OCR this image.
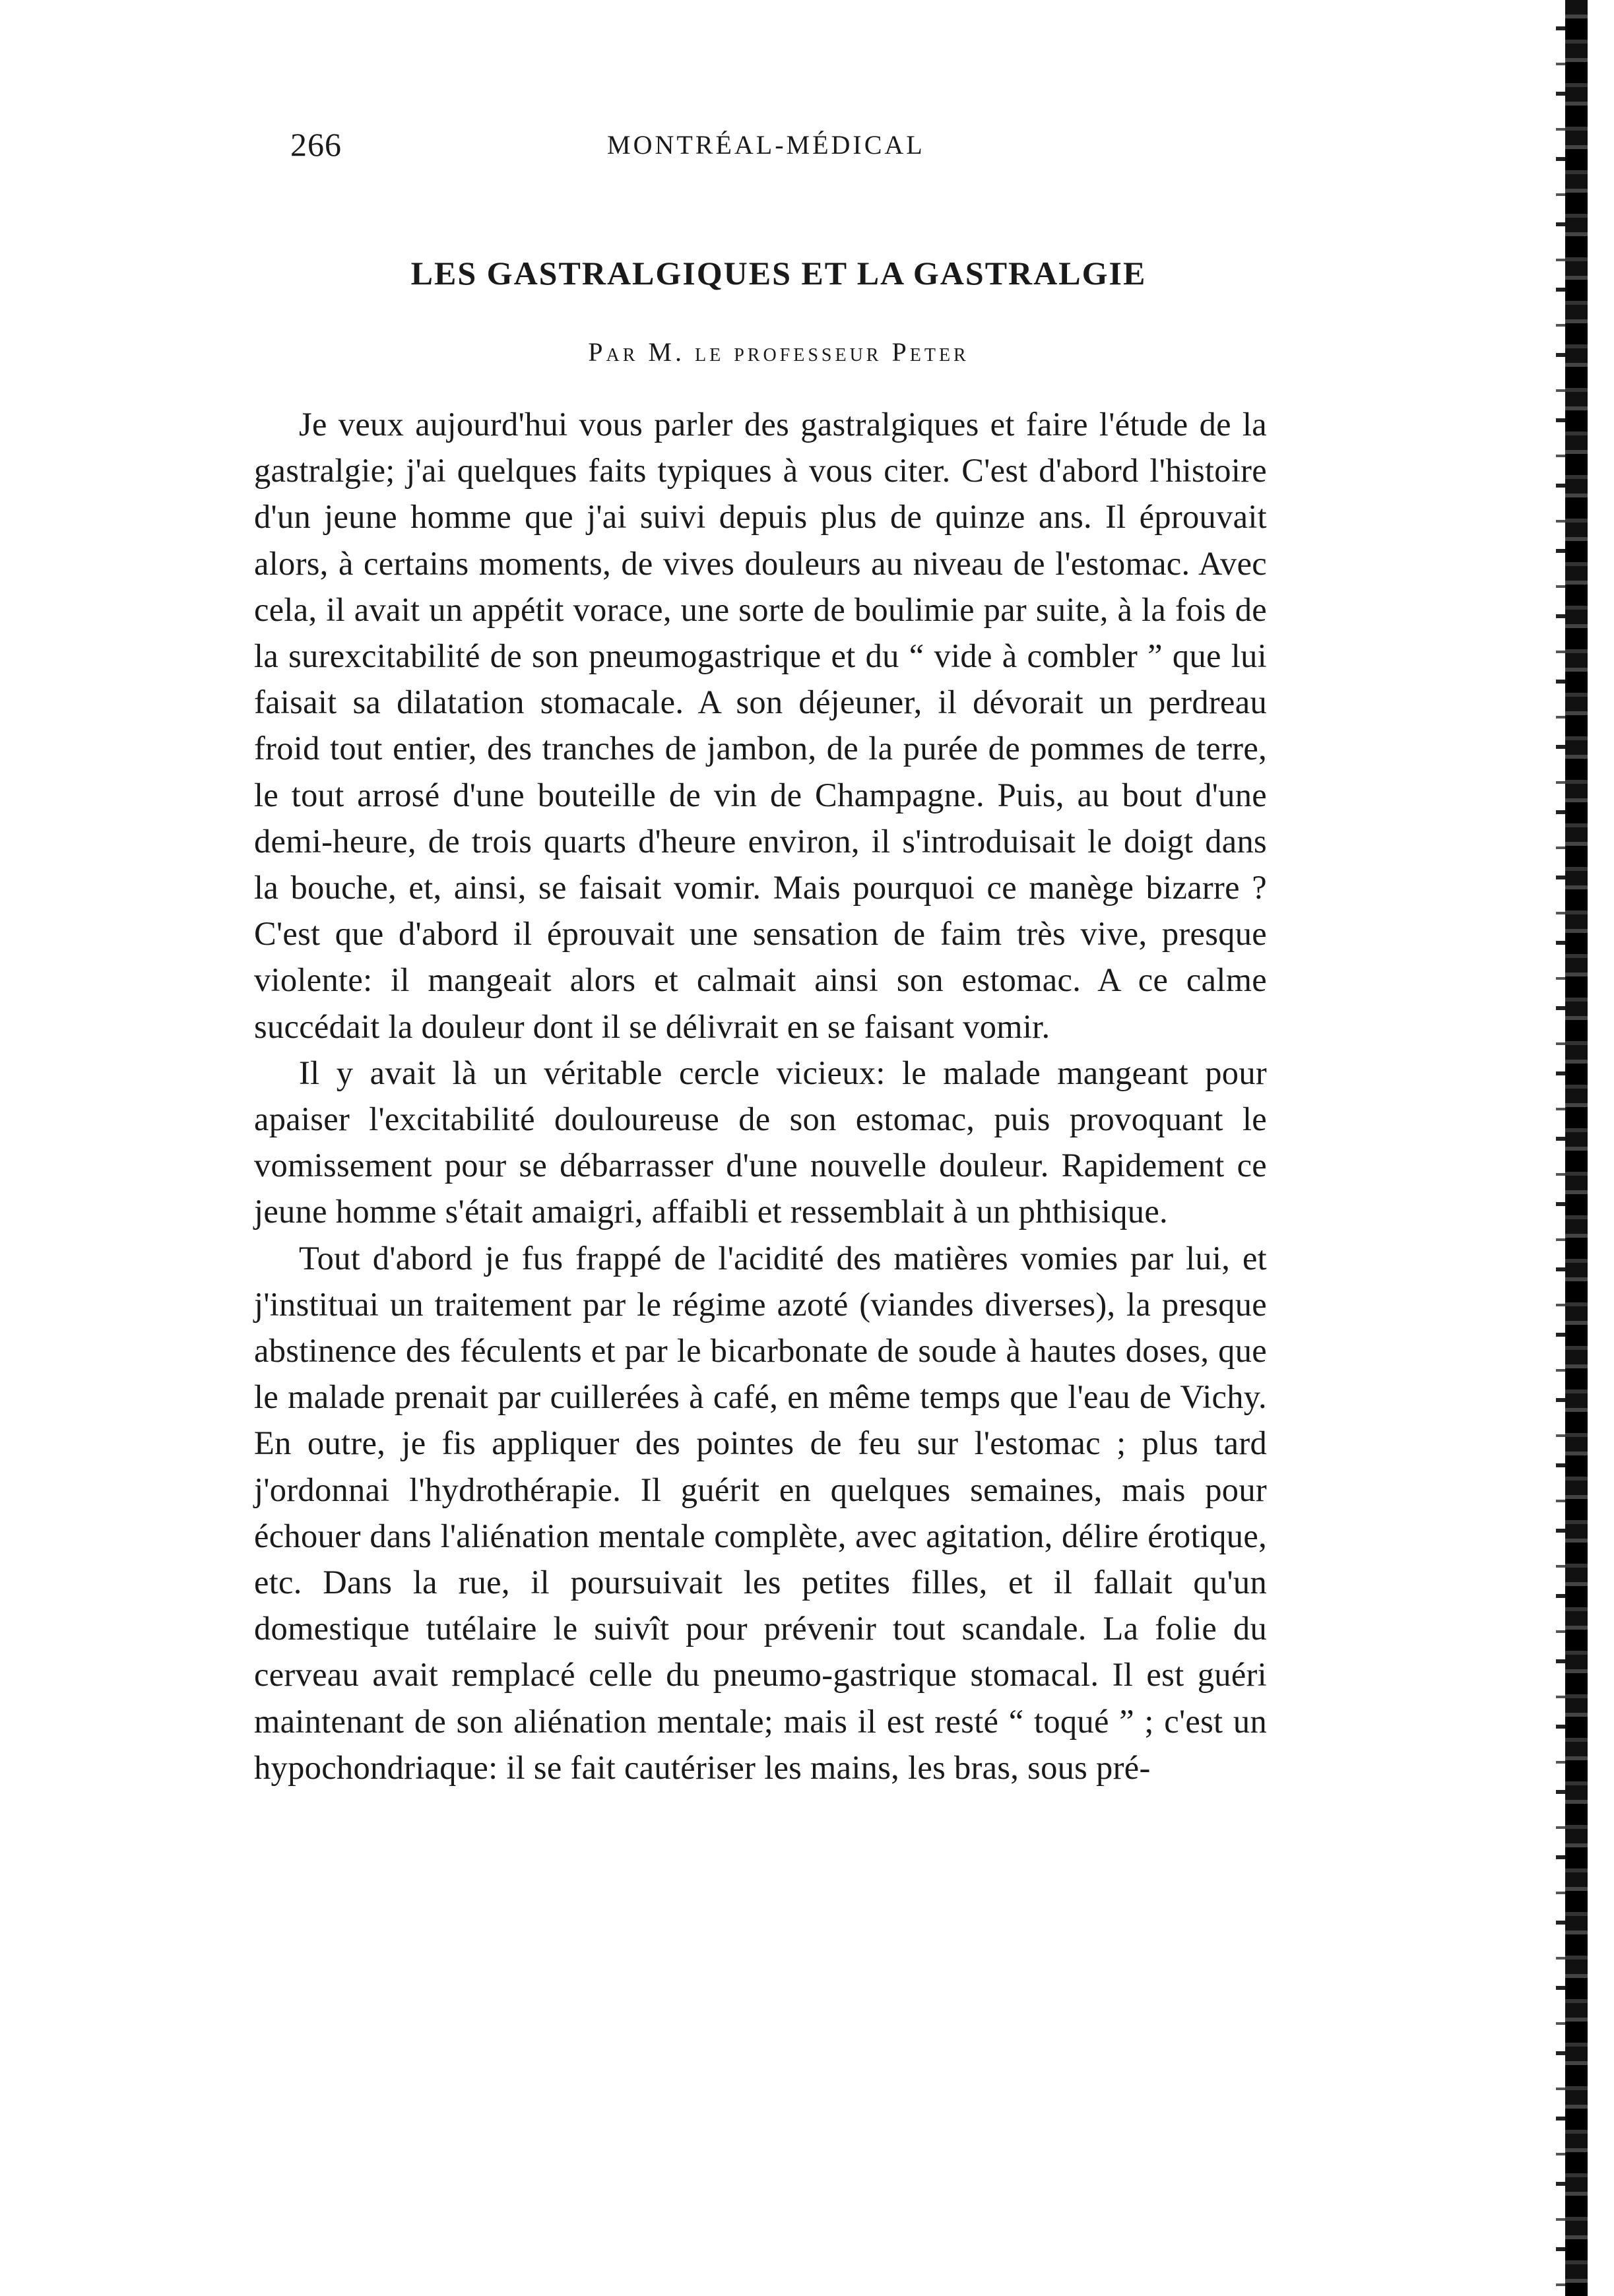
266	MONTRÉAL-MÉDICAL
LES GASTRALGIQUES ET LA GASTRALGIE
Par M. le professeur Peter

Je veux aujourd'hui vous parler des gastralgiques et faire l'étude de la gastralgie; j'ai quelques faits typiques à vous citer. C'est d'abord l'histoire d'un jeune homme que j'ai suivi depuis plus de quinze ans. Il éprouvait alors, à certains moments, de vives douleurs au niveau de l'estomac. Avec cela, il avait un appétit vorace, une sorte de boulimie par suite, à la fois de la surexcitabilité de son pneumogastrique et du “ vide à combler ” que lui faisait sa dilatation stomacale. A son déjeuner, il dévorait un perdreau froid tout entier, des tranches de jambon, de la purée de pommes de terre, le tout arrosé d'une bouteille de vin de Champagne. Puis, au bout d'une demi-heure, de trois quarts d'heure environ, il s'introduisait le doigt dans la bouche, et, ainsi, se faisait vomir. Mais pourquoi ce manège bizarre ? C'est que d'abord il éprouvait une sensation de faim très vive, presque violente: il mangeait alors et calmait ainsi son estomac. A ce calme succédait la douleur dont il se délivrait en se faisant vomir.

Il y avait là un véritable cercle vicieux: le malade mangeant pour apaiser l'excitabilité douloureuse de son estomac, puis provoquant le vomissement pour se débarrasser d'une nouvelle douleur. Rapidement ce jeune homme s'était amaigri, affaibli et ressemblait à un phthisique.

Tout d'abord je fus frappé de l'acidité des matières vomies par lui, et j'instituai un traitement par le régime azoté (viandes diverses), la presque abstinence des féculents et par le bicarbonate de soude à hautes doses, que le malade prenait par cuillerées à café, en même temps que l'eau de Vichy. En outre, je fis appliquer des pointes de feu sur l'estomac ; plus tard j'ordonnai l'hydrothérapie. Il guérit en quelques semaines, mais pour échouer dans l'aliénation mentale complète, avec agitation, délire érotique, etc. Dans la rue, il poursuivait les petites filles, et il fallait qu'un domestique tutélaire le suivît pour prévenir tout scandale. La folie du cerveau avait remplacé celle du pneumo-gastrique stomacal. Il est guéri maintenant de son aliénation mentale; mais il est resté “ toqué ” ; c'est un hypochondriaque: il se fait cautériser les mains, les bras, sous pré-
